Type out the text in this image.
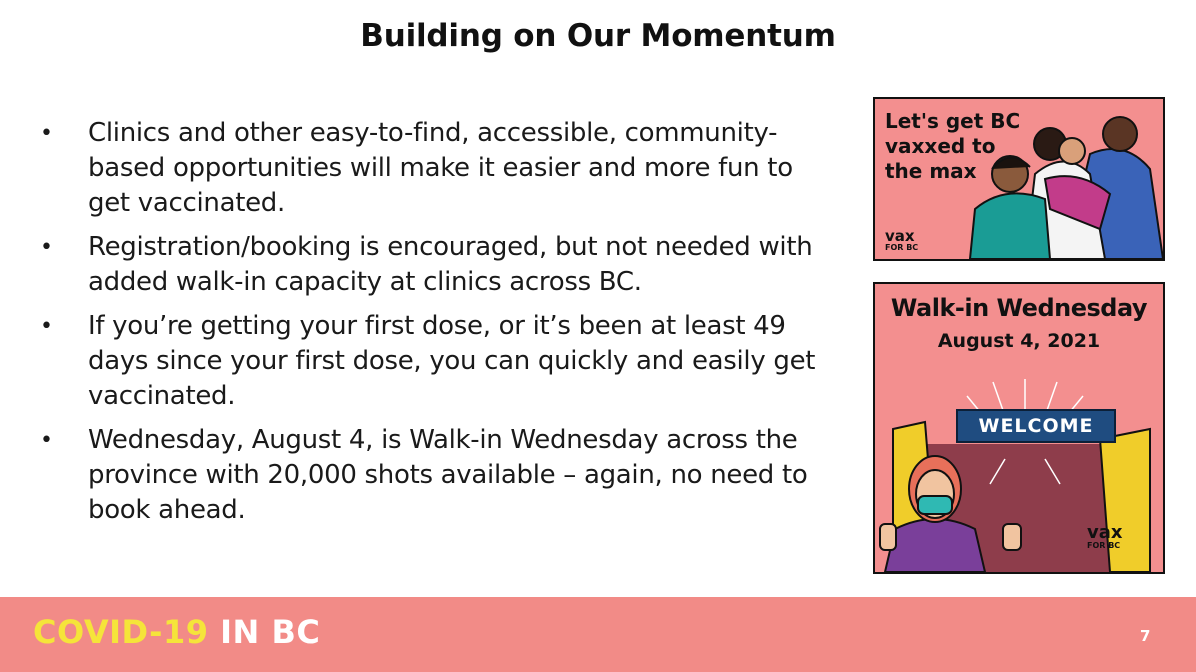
Building on Our Momentum
• Clinics and other easy-to-find, accessible, community-based opportunities will make it easier and more fun to get vaccinated.
• Registration/booking is encouraged, but not needed with added walk-in capacity at clinics across BC.
• If you’re getting your first dose, or it’s been at least 49 days since your first dose, you can quickly and easily get vaccinated.
• Wednesday, August 4, is Walk-in Wednesday across the province with 20,000 shots available – again, no need to book ahead.
Let's get BC vaxxed to the max
vax
FOR BC
Walk-in Wednesday
August 4, 2021
vax
FOR BC
WELCOME
COVID-19 IN BC	7
